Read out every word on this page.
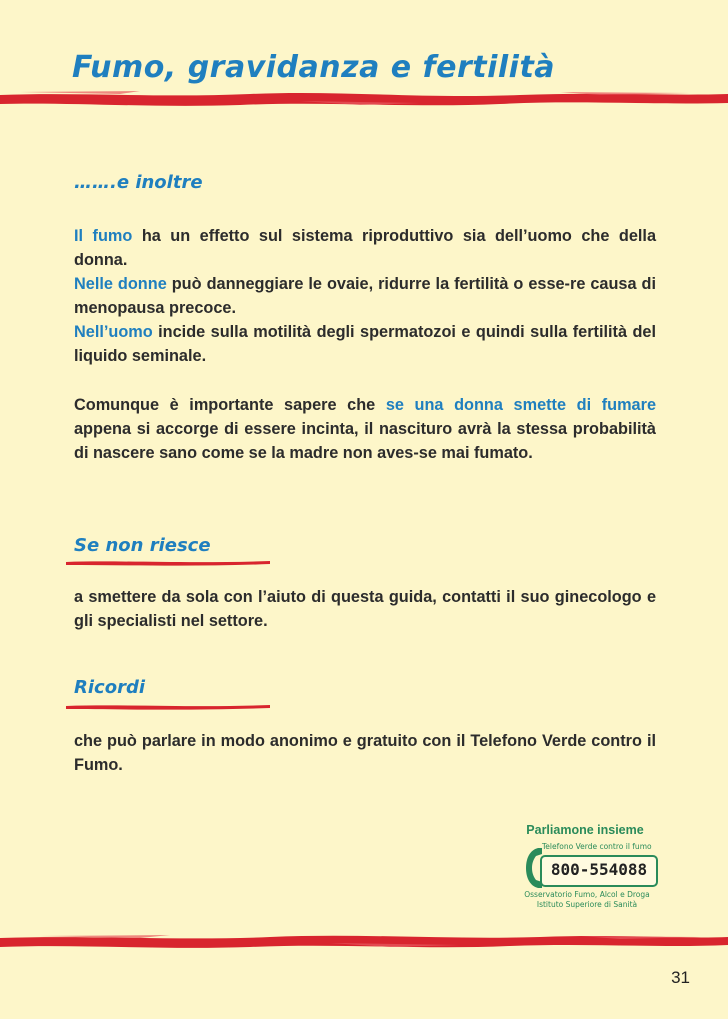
Fumo, gravidanza e fertilità
…….e inoltre

Il fumo ha un effetto sul sistema riproduttivo sia dell’uomo che della donna.
Nelle donne può danneggiare le ovaie, ridurre la fertilità o esse-re causa di menopausa precoce.
Nell’uomo incide sulla motilità degli spermatozoi e quindi sulla fertilità del liquido seminale.

Comunque è importante sapere che se una donna smette di fumare appena si accorge di essere incinta, il nascituro avrà la stessa probabilità di nascere sano come se la madre non aves-se mai fumato.

Se non riesce

a smettere da sola con l’aiuto di questa guida, contatti il suo ginecologo e gli specialisti nel settore.

Ricordi

che può parlare in modo anonimo e gratuito con il Telefono Verde contro il Fumo.

Parliamone insieme
Telefono Verde contro il fumo
800-554088
Osservatorio Fumo, Alcol e Droga
Istituto Superiore di Sanità
31
